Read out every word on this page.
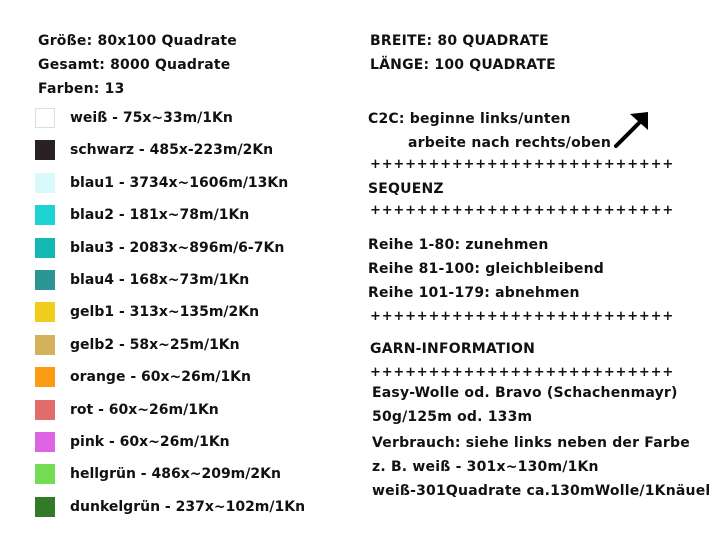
Größe: 80x100 Quadrate
Gesamt: 8000 Quadrate
Farben: 13
weiß - 75x~33m/1Kn
schwarz - 485x-223m/2Kn
blau1 - 3734x~1606m/13Kn
blau2 - 181x~78m/1Kn
blau3 - 2083x~896m/6-7Kn
blau4 - 168x~73m/1Kn
gelb1 - 313x~135m/2Kn
gelb2 - 58x~25m/1Kn
orange - 60x~26m/1Kn
rot - 60x~26m/1Kn
pink - 60x~26m/1Kn
hellgrün - 486x~209m/2Kn
dunkelgrün - 237x~102m/1Kn
BREITE: 80 QUADRATE
LÄNGE: 100 QUADRATE
C2C: beginne links/unten
arbeite nach rechts/oben
++++++++++++++++++++++++++
SEQUENZ
++++++++++++++++++++++++++
Reihe 1-80: zunehmen
Reihe 81-100: gleichbleibend
Reihe 101-179: abnehmen
++++++++++++++++++++++++++
GARN-INFORMATION
++++++++++++++++++++++++++
Easy-Wolle od. Bravo (Schachenmayr)
50g/125m od. 133m
Verbrauch: siehe links neben der Farbe
z. B. weiß - 301x~130m/1Kn
weiß-301Quadrate ca.130mWolle/1Knäuel
